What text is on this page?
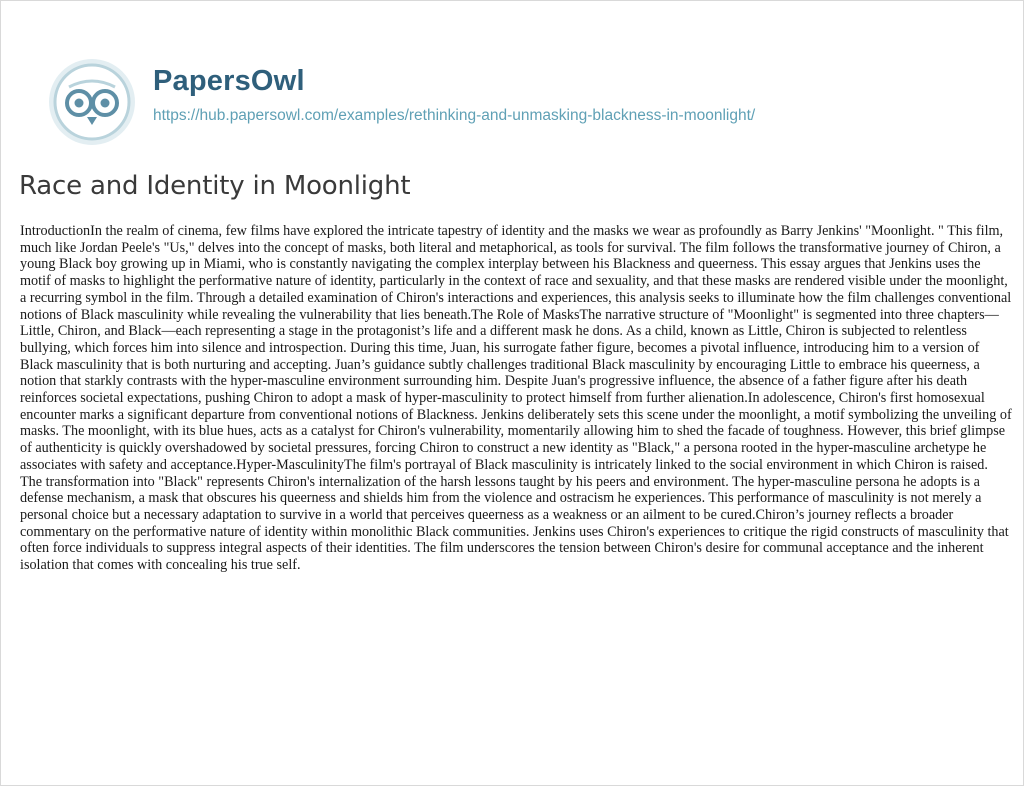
PapersOwl
https://hub.papersowl.com/examples/rethinking-and-unmasking-blackness-in-moonlight/
Race and Identity in Moonlight

IntroductionIn the realm of cinema, few films have explored the intricate tapestry of identity and the masks we wear as profoundly as Barry Jenkins' "Moonlight. " This film, much like Jordan Peele's "Us," delves into the concept of masks, both literal and metaphorical, as tools for survival. The film follows the transformative journey of Chiron, a young Black boy growing up in Miami, who is constantly navigating the complex interplay between his Blackness and queerness. This essay argues that Jenkins uses the motif of masks to highlight the performative nature of identity, particularly in the context of race and sexuality, and that these masks are rendered visible under the moonlight, a recurring symbol in the film. Through a detailed examination of Chiron's interactions and experiences, this analysis seeks to illuminate how the film challenges conventional notions of Black masculinity while revealing the vulnerability that lies beneath.The Role of MasksThe narrative structure of "Moonlight" is segmented into three chapters—Little, Chiron, and Black—each representing a stage in the protagonist’s life and a different mask he dons. As a child, known as Little, Chiron is subjected to relentless bullying, which forces him into silence and introspection. During this time, Juan, his surrogate father figure, becomes a pivotal influence, introducing him to a version of Black masculinity that is both nurturing and accepting. Juan’s guidance subtly challenges traditional Black masculinity by encouraging Little to embrace his queerness, a notion that starkly contrasts with the hyper-masculine environment surrounding him. Despite Juan's progressive influence, the absence of a father figure after his death reinforces societal expectations, pushing Chiron to adopt a mask of hyper-masculinity to protect himself from further alienation.In adolescence, Chiron's first homosexual encounter marks a significant departure from conventional notions of Blackness. Jenkins deliberately sets this scene under the moonlight, a motif symbolizing the unveiling of masks. The moonlight, with its blue hues, acts as a catalyst for Chiron's vulnerability, momentarily allowing him to shed the facade of toughness. However, this brief glimpse of authenticity is quickly overshadowed by societal pressures, forcing Chiron to construct a new identity as "Black," a persona rooted in the hyper-masculine archetype he associates with safety and acceptance.Hyper-MasculinityThe film's portrayal of Black masculinity is intricately linked to the social environment in which Chiron is raised. The transformation into "Black" represents Chiron's internalization of the harsh lessons taught by his peers and environment. The hyper-masculine persona he adopts is a defense mechanism, a mask that obscures his queerness and shields him from the violence and ostracism he experiences. This performance of masculinity is not merely a personal choice but a necessary adaptation to survive in a world that perceives queerness as a weakness or an ailment to be cured.Chiron’s journey reflects a broader commentary on the performative nature of identity within monolithic Black communities. Jenkins uses Chiron's experiences to critique the rigid constructs of masculinity that often force individuals to suppress integral aspects of their identities. The film underscores the tension between Chiron's desire for communal acceptance and the inherent isolation that comes with concealing his true self.
